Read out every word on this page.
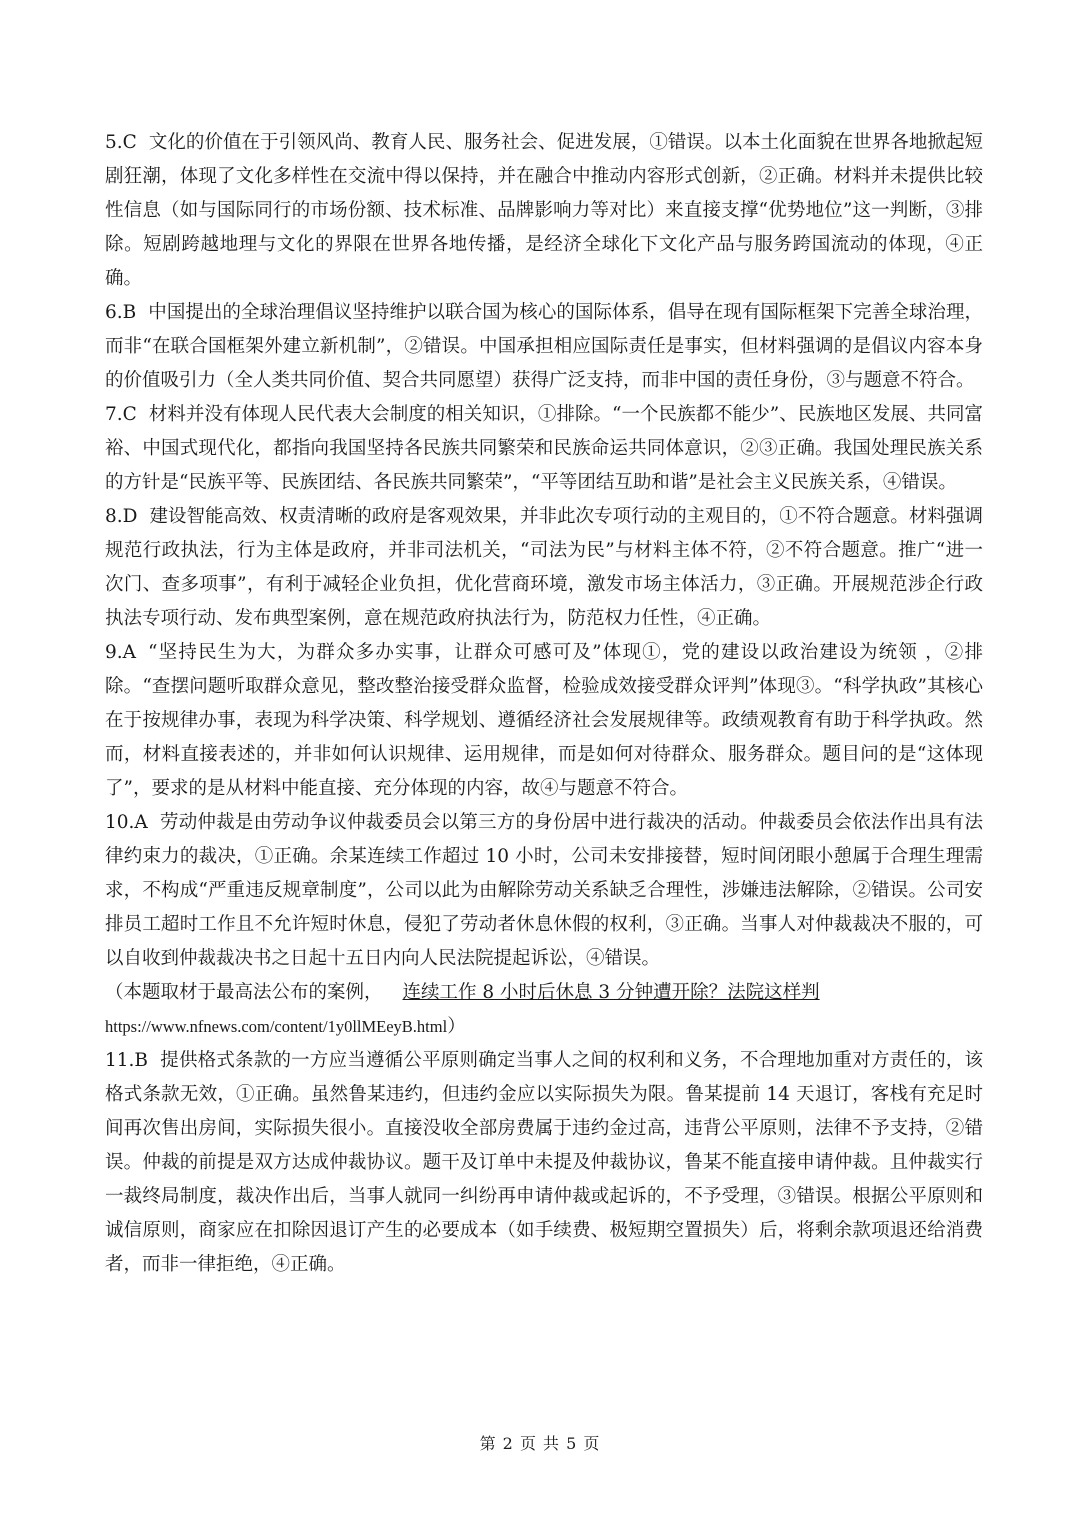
5.C 文化的价值在于引领风尚、教育人民、服务社会、促进发展，①错误。以本土化面貌在世界各地掀起短剧狂潮，体现了文化多样性在交流中得以保持，并在融合中推动内容形式创新，②正确。材料并未提供比较性信息（如与国际同行的市场份额、技术标准、品牌影响力等对比）来直接支撑“优势地位”这一判断，③排除。短剧跨越地理与文化的界限在世界各地传播，是经济全球化下文化产品与服务跨国流动的体现，④正确。

6.B 中国提出的全球治理倡议坚持维护以联合国为核心的国际体系，倡导在现有国际框架下完善全球治理，而非“在联合国框架外建立新机制”，②错误。中国承担相应国际责任是事实，但材料强调的是倡议内容本身的价值吸引力（全人类共同价值、契合共同愿望）获得广泛支持，而非中国的责任身份，③与题意不符合。

7.C 材料并没有体现人民代表大会制度的相关知识，①排除。“一个民族都不能少”、民族地区发展、共同富裕、中国式现代化，都指向我国坚持各民族共同繁荣和民族命运共同体意识，②③正确。我国处理民族关系的方针是“民族平等、民族团结、各民族共同繁荣”，“平等团结互助和谐”是社会主义民族关系，④错误。

8.D 建设智能高效、权责清晰的政府是客观效果，并非此次专项行动的主观目的，①不符合题意。材料强调规范行政执法，行为主体是政府，并非司法机关，“司法为民”与材料主体不符，②不符合题意。推广“进一次门、查多项事”，有利于减轻企业负担，优化营商环境，激发市场主体活力，③正确。开展规范涉企行政执法专项行动、发布典型案例，意在规范政府执法行为，防范权力任性，④正确。

9.A “坚持民生为大，为群众多办实事，让群众可感可及”体现①，党的建设以政治建设为统领 ，②排除。“查摆问题听取群众意见，整改整治接受群众监督，检验成效接受群众评判”体现③。“科学执政”其核心在于按规律办事，表现为科学决策、科学规划、遵循经济社会发展规律等。政绩观教育有助于科学执政。然而，材料直接表述的，并非如何认识规律、运用规律，而是如何对待群众、服务群众。题目问的是“这体现了”，要求的是从材料中能直接、充分体现的内容，故④与题意不符合。

10.A 劳动仲裁是由劳动争议仲裁委员会以第三方的身份居中进行裁决的活动。仲裁委员会依法作出具有法律约束力的裁决，①正确。余某连续工作超过 10 小时，公司未安排接替，短时间闭眼小憩属于合理生理需求，不构成“严重违反规章制度”，公司以此为由解除劳动关系缺乏合理性，涉嫌违法解除，②错误。公司安排员工超时工作且不允许短时休息，侵犯了劳动者休息休假的权利，③正确。当事人对仲裁裁决不服的，可以自收到仲裁裁决书之日起十五日内向人民法院提起诉讼，④错误。

（本题取材于最高法公布的案例， 连续工作 8 小时后休息 3 分钟遭开除？法院这样判
https://www.nfnews.com/content/1y0llMEeyB.html）

11.B 提供格式条款的一方应当遵循公平原则确定当事人之间的权利和义务，不合理地加重对方责任的，该格式条款无效，①正确。虽然鲁某违约，但违约金应以实际损失为限。鲁某提前 14 天退订，客栈有充足时间再次售出房间，实际损失很小。直接没收全部房费属于违约金过高，违背公平原则，法律不予支持，②错误。仲裁的前提是双方达成仲裁协议。题干及订单中未提及仲裁协议，鲁某不能直接申请仲裁。且仲裁实行一裁终局制度，裁决作出后，当事人就同一纠纷再申请仲裁或起诉的，不予受理，③错误。根据公平原则和诚信原则，商家应在扣除因退订产生的必要成本（如手续费、极短期空置损失）后，将剩余款项退还给消费者，而非一律拒绝，④正确。

第 2 页 共 5 页
